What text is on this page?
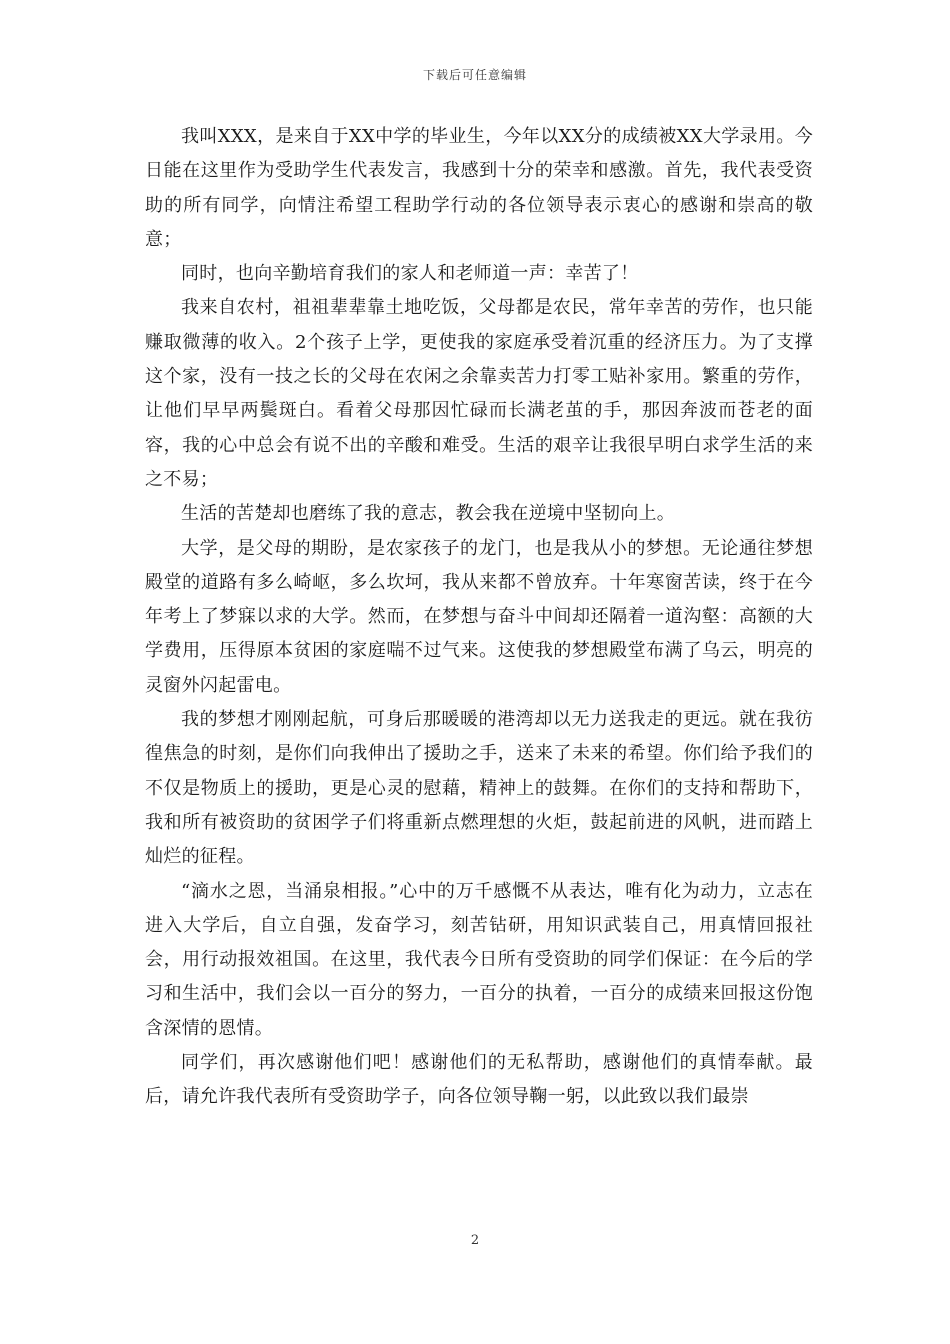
下载后可任意编辑

我叫XXX，是来自于XX中学的毕业生，今年以XX分的成绩被XX大学录用。今日能在这里作为受助学生代表发言，我感到十分的荣幸和感激。首先，我代表受资助的所有同学，向情注希望工程助学行动的各位领导表示衷心的感谢和崇高的敬意；

同时，也向辛勤培育我们的家人和老师道一声：幸苦了！

我来自农村，祖祖辈辈靠土地吃饭，父母都是农民，常年幸苦的劳作，也只能赚取微薄的收入。2个孩子上学，更使我的家庭承受着沉重的经济压力。为了支撑这个家，没有一技之长的父母在农闲之余靠卖苦力打零工贴补家用。繁重的劳作，让他们早早两鬓斑白。看着父母那因忙碌而长满老茧的手，那因奔波而苍老的面容，我的心中总会有说不出的辛酸和难受。生活的艰辛让我很早明白求学生活的来之不易；

生活的苦楚却也磨练了我的意志，教会我在逆境中坚韧向上。

大学，是父母的期盼，是农家孩子的龙门，也是我从小的梦想。无论通往梦想殿堂的道路有多么崎岖，多么坎坷，我从来都不曾放弃。十年寒窗苦读，终于在今年考上了梦寐以求的大学。然而，在梦想与奋斗中间却还隔着一道沟壑：高额的大学费用，压得原本贫困的家庭喘不过气来。这使我的梦想殿堂布满了乌云，明亮的灵窗外闪起雷电。

我的梦想才刚刚起航，可身后那暖暖的港湾却以无力送我走的更远。就在我彷徨焦急的时刻，是你们向我伸出了援助之手，送来了未来的希望。你们给予我们的不仅是物质上的援助，更是心灵的慰藉，精神上的鼓舞。在你们的支持和帮助下，我和所有被资助的贫困学子们将重新点燃理想的火炬，鼓起前进的风帆，进而踏上灿烂的征程。

“滴水之恩，当涌泉相报。”心中的万千感慨不从表达，唯有化为动力，立志在进入大学后，自立自强，发奋学习，刻苦钻研，用知识武装自己，用真情回报社会，用行动报效祖国。在这里，我代表今日所有受资助的同学们保证：在今后的学习和生活中，我们会以一百分的努力，一百分的执着，一百分的成绩来回报这份饱含深情的恩情。

同学们，再次感谢他们吧！感谢他们的无私帮助，感谢他们的真情奉献。最后，请允许我代表所有受资助学子，向各位领导鞠一躬，以此致以我们最崇

2
